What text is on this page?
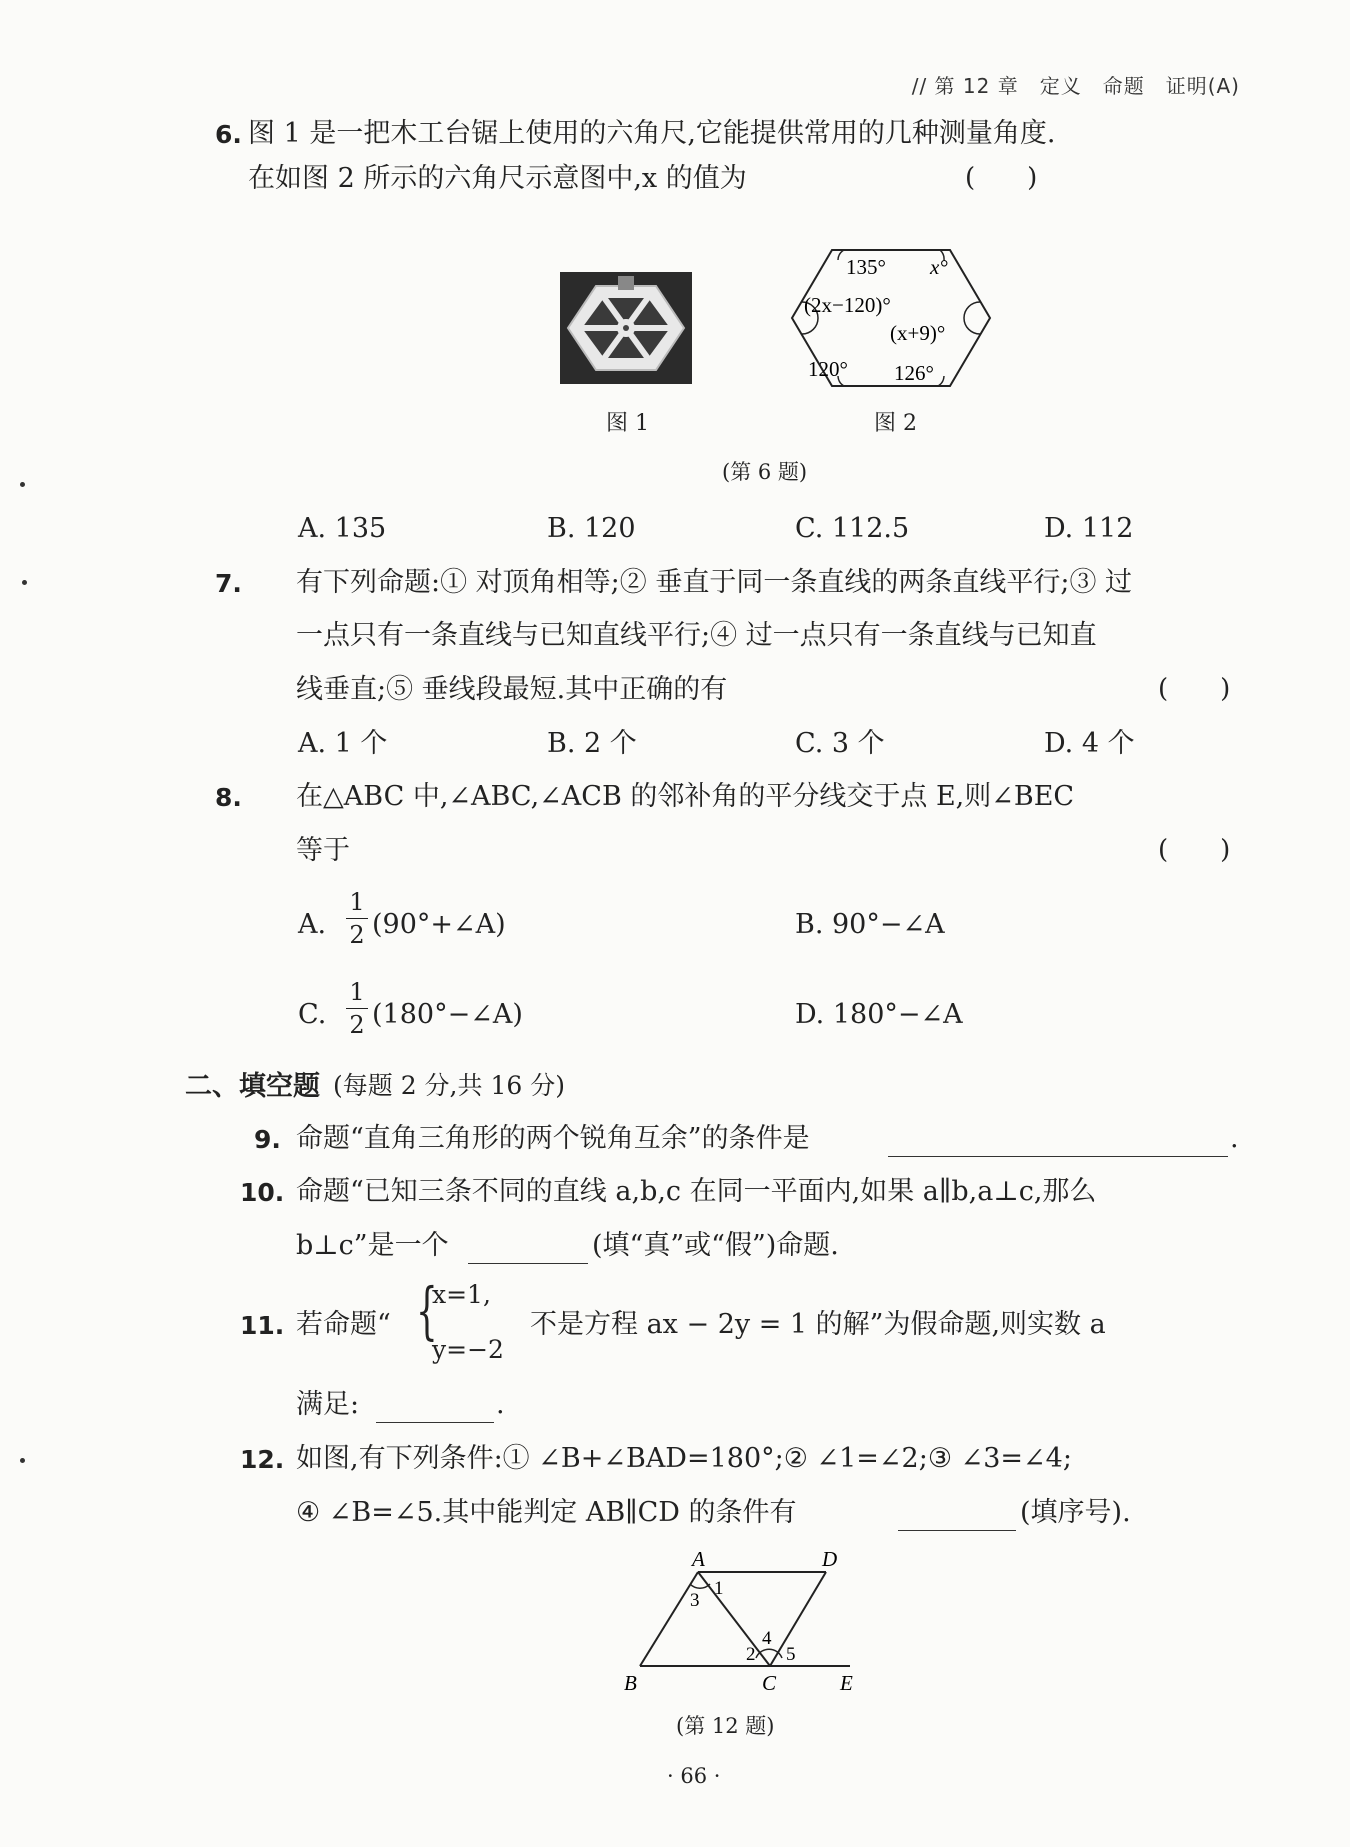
// 第 12 章　定义　命题　证明(A)
6. 图 1 是一把木工台锯上使用的六角尺,它能提供常用的几种测量角度.
在如图 2 所示的六角尺示意图中,x 的值为	(　　)
135° x°
(2x−120)°
(x+9)°
120° 126°
图 1	图 2
(第 6 题)
A. 135	B. 120	C. 112.5	D. 112
7. 有下列命题:① 对顶角相等;② 垂直于同一条直线的两条直线平行;③ 过
一点只有一条直线与已知直线平行;④ 过一点只有一条直线与已知直
线垂直;⑤ 垂线段最短.其中正确的有	(　　)
A. 1 个	B. 2 个	C. 3 个	D. 4 个
8. 在△ABC 中,∠ABC,∠ACB 的邻补角的平分线交于点 E,则∠BEC
等于	(　　)
A.
1
2 (90°+∠A)	B. 90°−∠A
C.
1
2 (180°−∠A)	D. 180°−∠A
二、填空题 (每题 2 分,共 16 分)
9. 命题“直角三角形的两个锐角互余”的条件是	.
10. 命题“已知三条不同的直线 a,b,c 在同一平面内,如果 a∥b,a⊥c,那么
b⊥c”是一个	(填“真”或“假”)命题.
11. 若命题“ {
x=1,
y=−2
不是方程 ax − 2y = 1 的解”为假命题,则实数 a
满足:	.
12. 如图,有下列条件:① ∠B+∠BAD=180°;② ∠1=∠2;③ ∠3=∠4;
④ ∠B=∠5.其中能判定 AB∥CD 的条件有	(填序号).
A	D
B	C	E
1
3
2
4
5
(第 12 题)
· 66 ·
